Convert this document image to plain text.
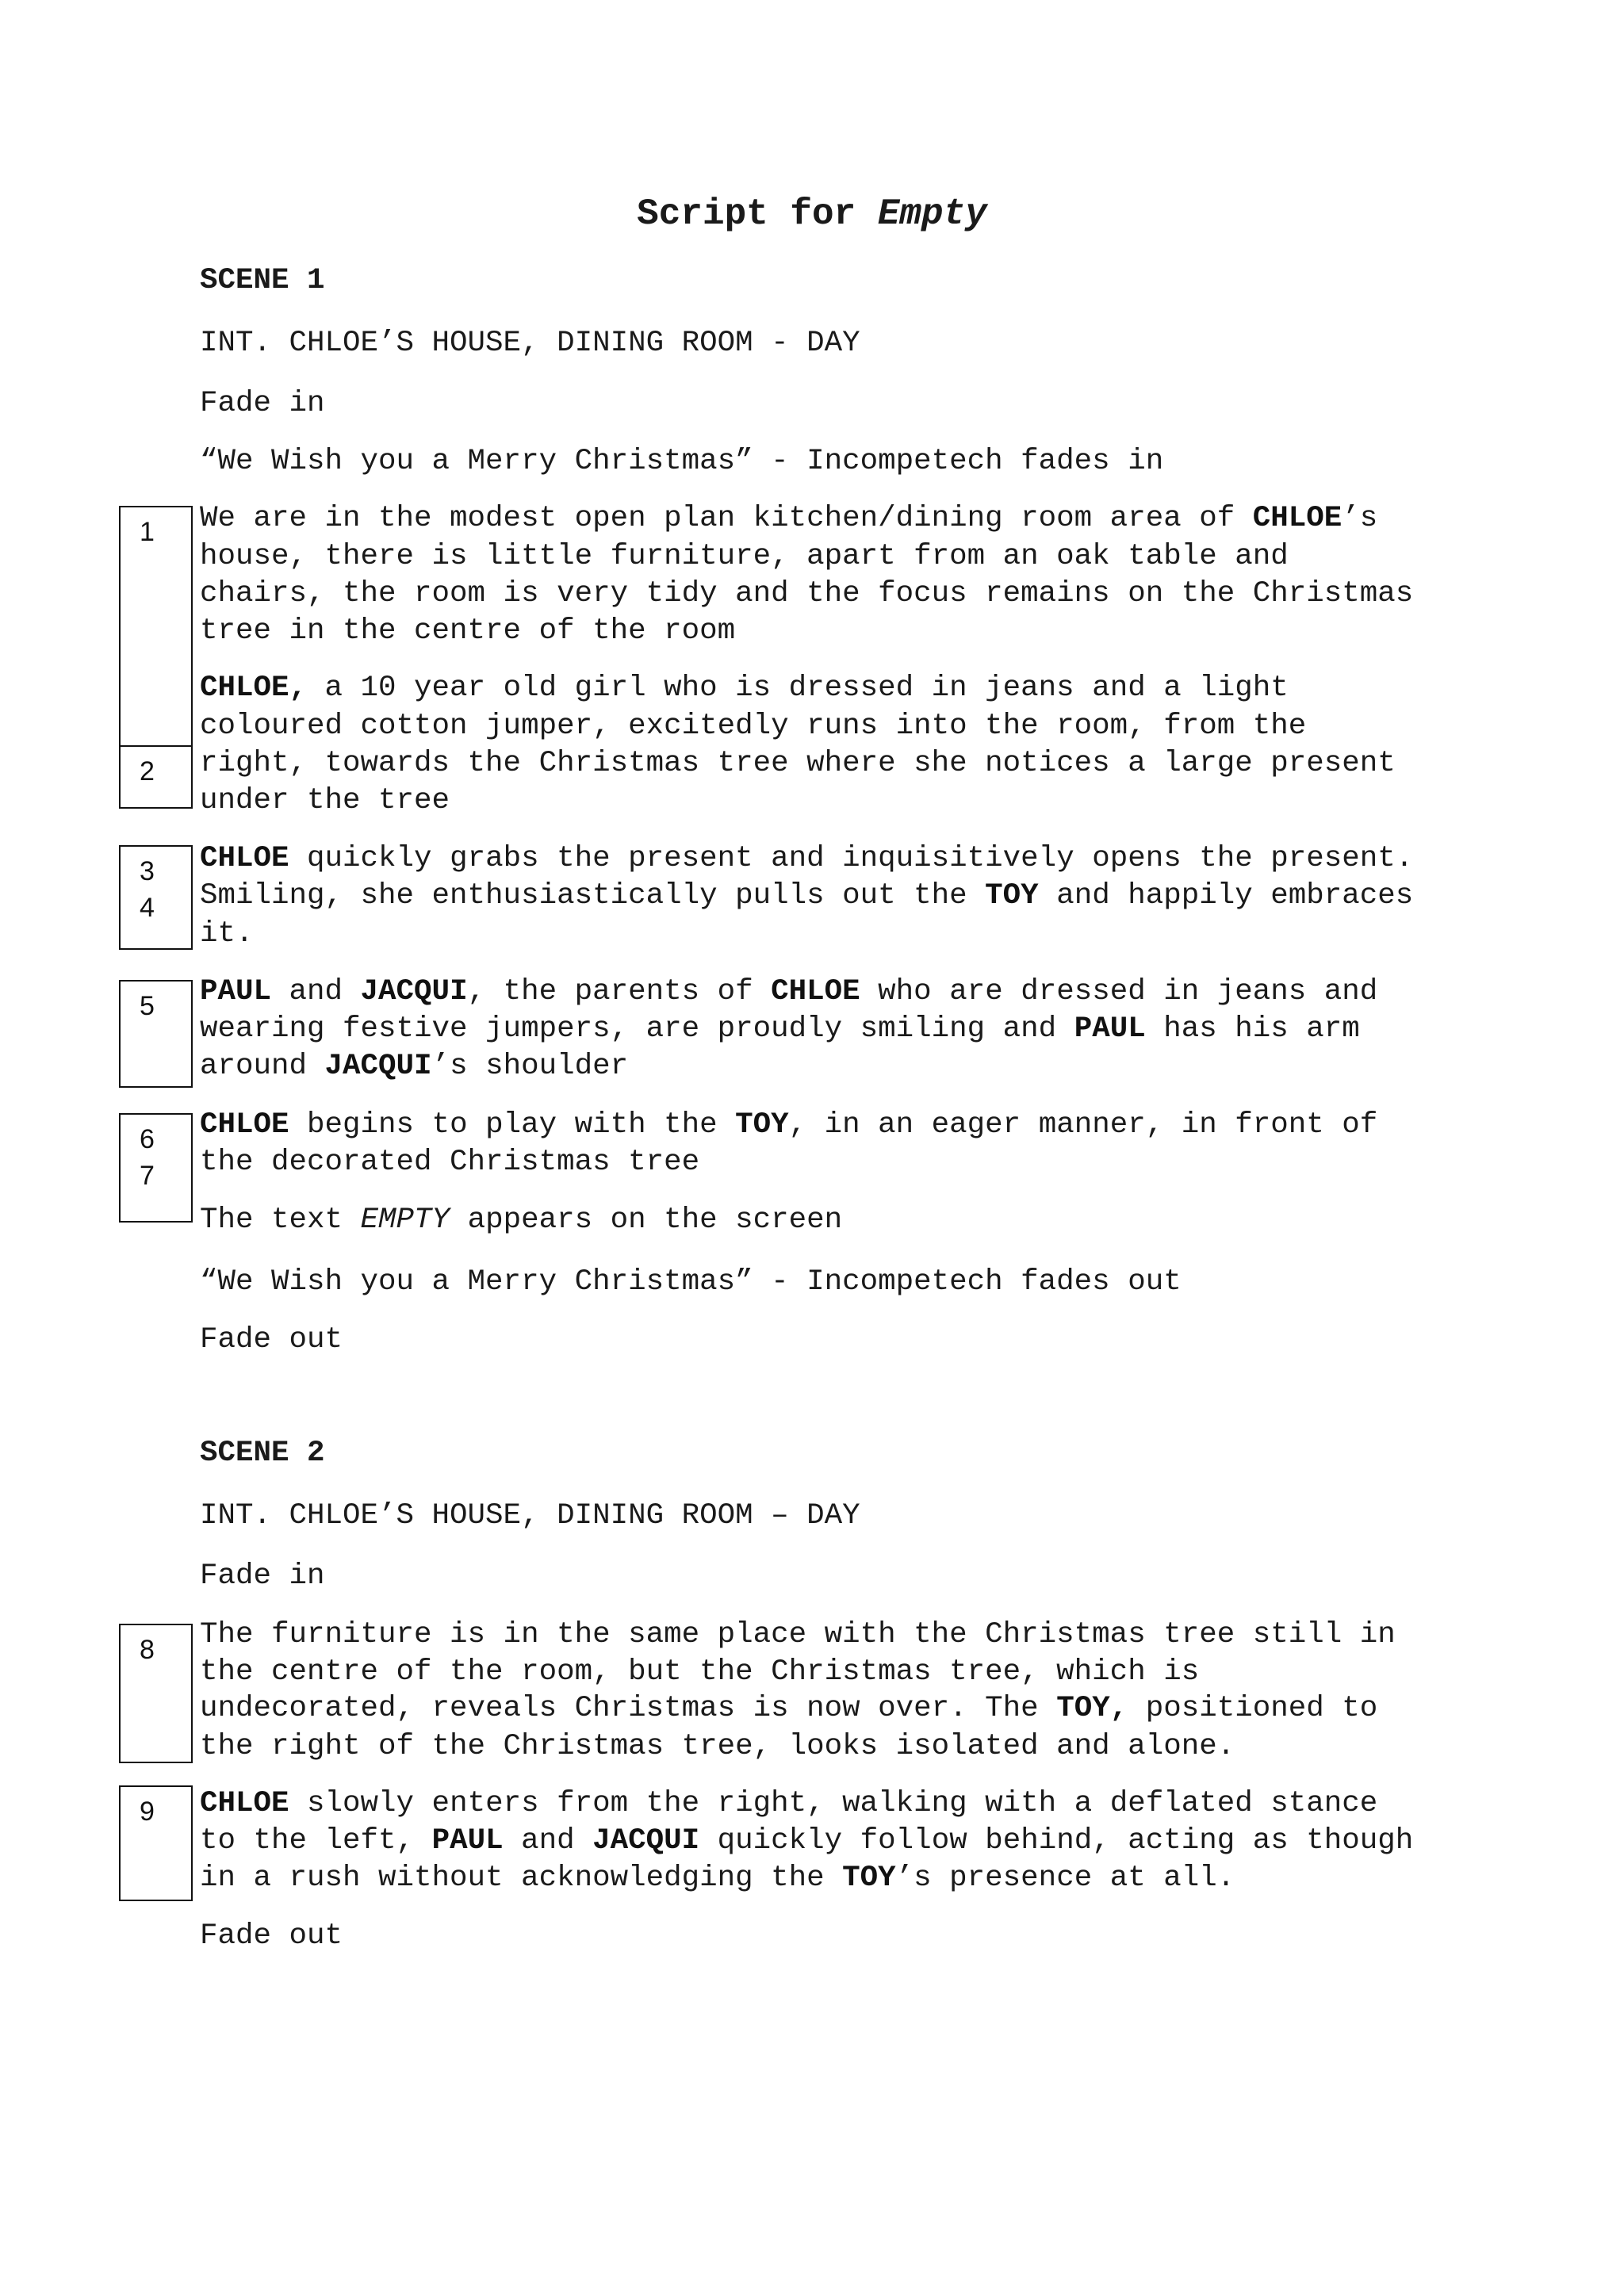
Script for Empty
SCENE 1
INT. CHLOE’S HOUSE, DINING ROOM - DAY
Fade in
“We Wish you a Merry Christmas” - Incompetech fades in
1
2
3
4
5
6
7
8
9
We are in the modest open plan kitchen/dining room area of CHLOE’s
house, there is little furniture, apart from an oak table and
chairs, the room is very tidy and the focus remains on the Christmas
tree in the centre of the room
CHLOE, a 10 year old girl who is dressed in jeans and a light
coloured cotton jumper, excitedly runs into the room, from the
right, towards the Christmas tree where she notices a large present
under the tree
CHLOE quickly grabs the present and inquisitively opens the present.
Smiling, she enthusiastically pulls out the TOY and happily embraces
it.
PAUL and JACQUI, the parents of CHLOE who are dressed in jeans and
wearing festive jumpers, are proudly smiling and PAUL has his arm
around JACQUI’s shoulder
CHLOE begins to play with the TOY, in an eager manner, in front of
the decorated Christmas tree
The text EMPTY appears on the screen
“We Wish you a Merry Christmas” - Incompetech fades out
Fade out
SCENE 2
INT. CHLOE’S HOUSE, DINING ROOM – DAY
Fade in
The furniture is in the same place with the Christmas tree still in
the centre of the room, but the Christmas tree, which is
undecorated, reveals Christmas is now over. The TOY, positioned to
the right of the Christmas tree, looks isolated and alone.
CHLOE slowly enters from the right, walking with a deflated stance
to the left, PAUL and JACQUI quickly follow behind, acting as though
in a rush without acknowledging the TOY’s presence at all.
Fade out
